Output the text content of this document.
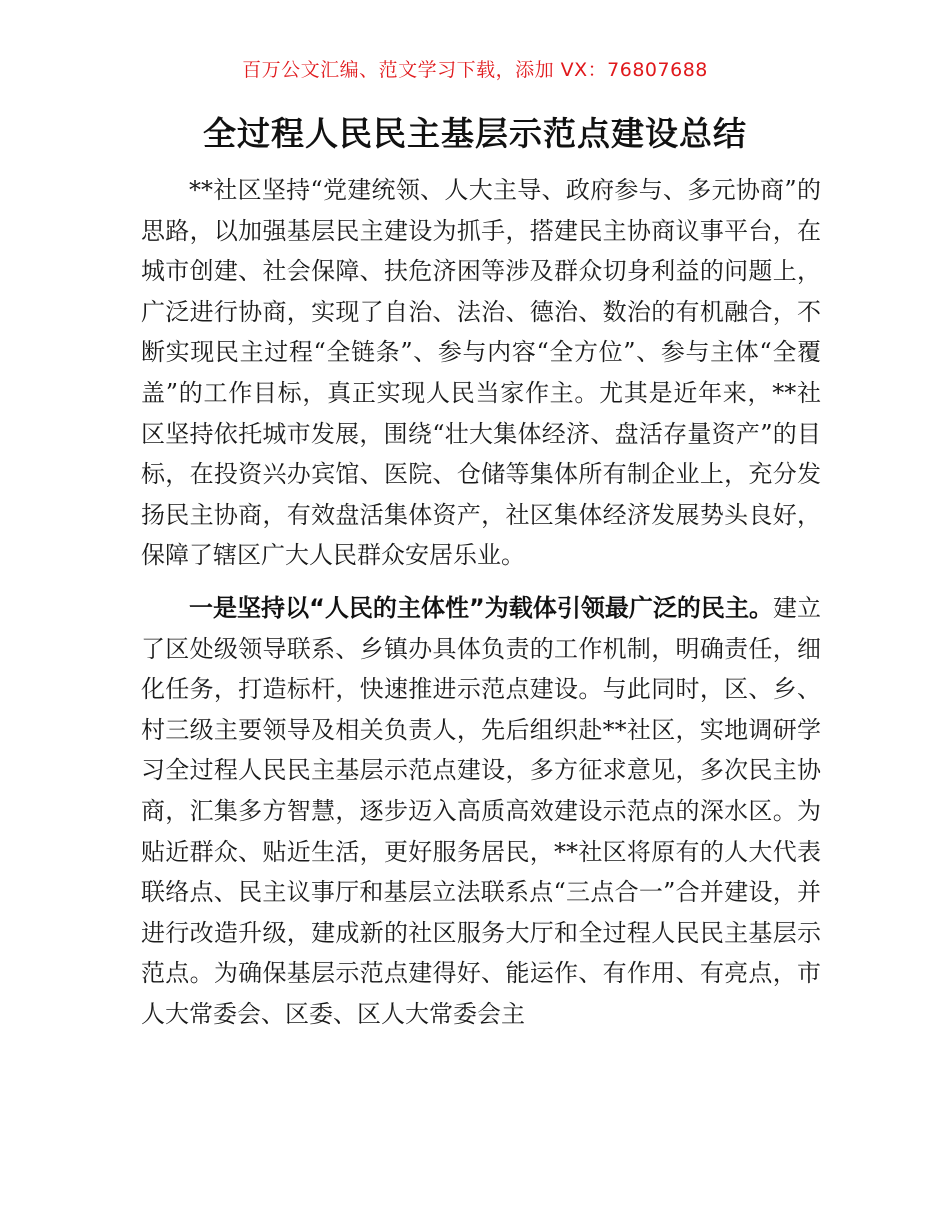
百万公文汇编、范文学习下载，添加 VX：76807688
全过程人民民主基层示范点建设总结

**社区坚持“党建统领、人大主导、政府参与、多元协商”的思路，以加强基层民主建设为抓手，搭建民主协商议事平台，在城市创建、社会保障、扶危济困等涉及群众切身利益的问题上，广泛进行协商，实现了自治、法治、德治、数治的有机融合，不断实现民主过程“全链条”、参与内容“全方位”、参与主体“全覆盖”的工作目标，真正实现人民当家作主。尤其是近年来，**社区坚持依托城市发展，围绕“壮大集体经济、盘活存量资产”的目标，在投资兴办宾馆、医院、仓储等集体所有制企业上，充分发扬民主协商，有效盘活集体资产，社区集体经济发展势头良好，保障了辖区广大人民群众安居乐业。

一是坚持以“人民的主体性”为载体引领最广泛的民主。建立了区处级领导联系、乡镇办具体负责的工作机制，明确责任，细化任务，打造标杆，快速推进示范点建设。与此同时，区、乡、村三级主要领导及相关负责人，先后组织赴**社区，实地调研学习全过程人民民主基层示范点建设，多方征求意见，多次民主协商，汇集多方智慧，逐步迈入高质高效建设示范点的深水区。为贴近群众、贴近生活，更好服务居民，**社区将原有的人大代表联络点、民主议事厅和基层立法联系点“三点合一”合并建设，并进行改造升级，建成新的社区服务大厅和全过程人民民主基层示范点。为确保基层示范点建得好、能运作、有作用、有亮点，市人大常委会、区委、区人大常委会主
